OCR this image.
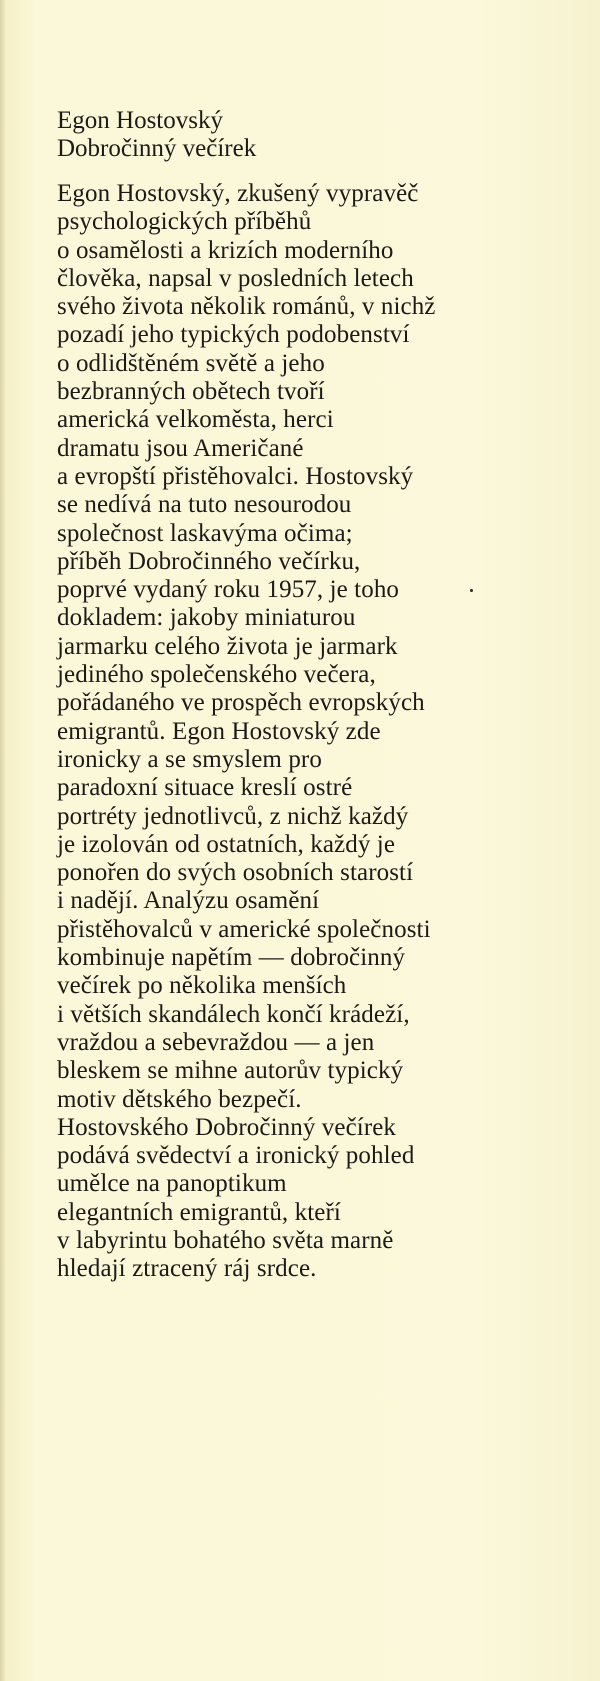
Egon Hostovský
Dobročinný večírek
Egon Hostovský, zkušený vypravěč
psychologických příběhů
o osamělosti a krizích moderního
člověka, napsal v posledních letech
svého života několik románů, v nichž
pozadí jeho typických podobenství
o odlidštěném světě a jeho
bezbranných obětech tvoří
americká velkoměsta, herci
dramatu jsou Američané
a evropští přistěhovalci. Hostovský
se nedívá na tuto nesourodou
společnost laskavýma očima;
příběh Dobročinného večírku,
poprvé vydaný roku 1957, je toho
dokladem: jakoby miniaturou
jarmarku celého života je jarmark
jediného společenského večera,
pořádaného ve prospěch evropských
emigrantů. Egon Hostovský zde
ironicky a se smyslem pro
paradoxní situace kreslí ostré
portréty jednotlivců, z nichž každý
je izolován od ostatních, každý je
ponořen do svých osobních starostí
i nadějí. Analýzu osamění
přistěhovalců v americké společnosti
kombinuje napětím — dobročinný
večírek po několika menších
i větších skandálech končí krádeží,
vraždou a sebevraždou — a jen
bleskem se mihne autorův typický
motiv dětského bezpečí.
Hostovského Dobročinný večírek
podává svědectví a ironický pohled
umělce na panoptikum
elegantních emigrantů, kteří
v labyrintu bohatého světa marně
hledají ztracený ráj srdce.
